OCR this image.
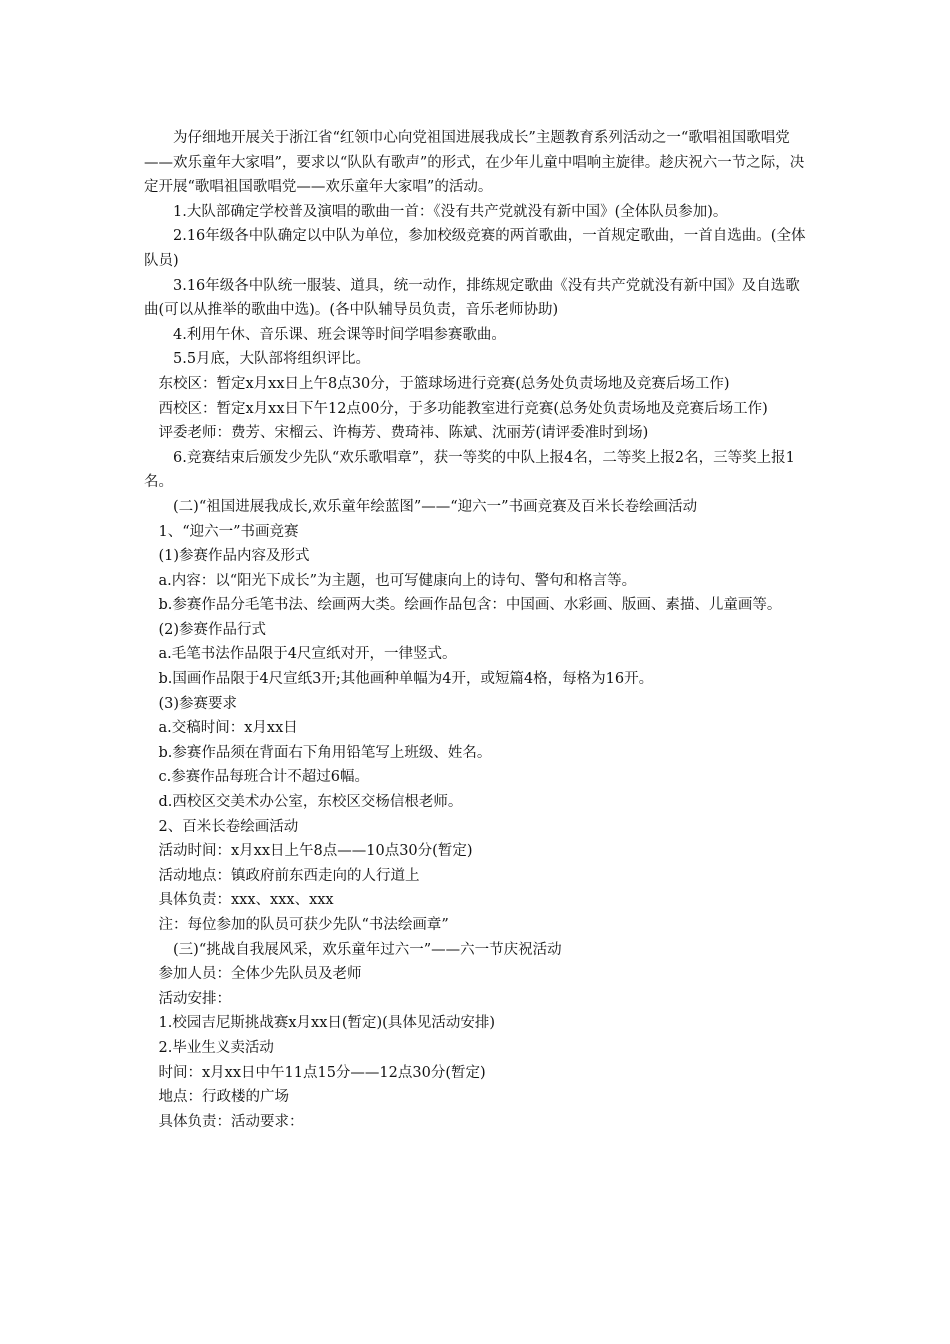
为仔细地开展关于浙江省“红领巾心向党祖国进展我成长”主题教育系列活动之一“歌唱祖国歌唱党——欢乐童年大家唱”，要求以“队队有歌声”的形式，在少年儿童中唱响主旋律。趁庆祝六一节之际，决定开展“歌唱祖国歌唱党——欢乐童年大家唱”的活动。

1.大队部确定学校普及演唱的歌曲一首：《没有共产党就没有新中国》(全体队员参加)。

2.16年级各中队确定以中队为单位，参加校级竞赛的两首歌曲，一首规定歌曲，一首自选曲。(全体队员)

3.16年级各中队统一服装、道具，统一动作，排练规定歌曲《没有共产党就没有新中国》及自选歌曲(可以从推举的歌曲中选)。(各中队辅导员负责，音乐老师协助)

4.利用午休、音乐课、班会课等时间学唱参赛歌曲。

5.5月底，大队部将组织评比。

东校区：暂定x月xx日上午8点30分，于篮球场进行竞赛(总务处负责场地及竞赛后场工作)

西校区：暂定x月xx日下午12点00分，于多功能教室进行竞赛(总务处负责场地及竞赛后场工作)

评委老师：费芳、宋榴云、许梅芳、费琦祎、陈斌、沈丽芳(请评委准时到场)

6.竞赛结束后颁发少先队“欢乐歌唱章”，获一等奖的中队上报4名，二等奖上报2名，三等奖上报1名。

(二)“祖国进展我成长,欢乐童年绘蓝图”——“迎六一”书画竞赛及百米长卷绘画活动

1、“迎六一”书画竞赛

(1)参赛作品内容及形式

a.内容：以“阳光下成长”为主题，也可写健康向上的诗句、警句和格言等。

b.参赛作品分毛笔书法、绘画两大类。绘画作品包含：中国画、水彩画、版画、素描、儿童画等。

(2)参赛作品行式

a.毛笔书法作品限于4尺宣纸对开，一律竖式。

b.国画作品限于4尺宣纸3开;其他画种单幅为4开，或短篇4格，每格为16开。

(3)参赛要求

a.交稿时间：x月xx日

b.参赛作品须在背面右下角用铅笔写上班级、姓名。

c.参赛作品每班合计不超过6幅。

d.西校区交美术办公室，东校区交杨信根老师。

2、百米长卷绘画活动

活动时间：x月xx日上午8点——10点30分(暂定)

活动地点：镇政府前东西走向的人行道上

具体负责：xxx、xxx、xxx

注：每位参加的队员可获少先队“书法绘画章”

(三)“挑战自我展风采，欢乐童年过六一”——六一节庆祝活动

参加人员：全体少先队员及老师

活动安排：

1.校园吉尼斯挑战赛x月xx日(暂定)(具体见活动安排)

2.毕业生义卖活动

时间：x月xx日中午11点15分——12点30分(暂定)

地点：行政楼的广场

具体负责：活动要求：
